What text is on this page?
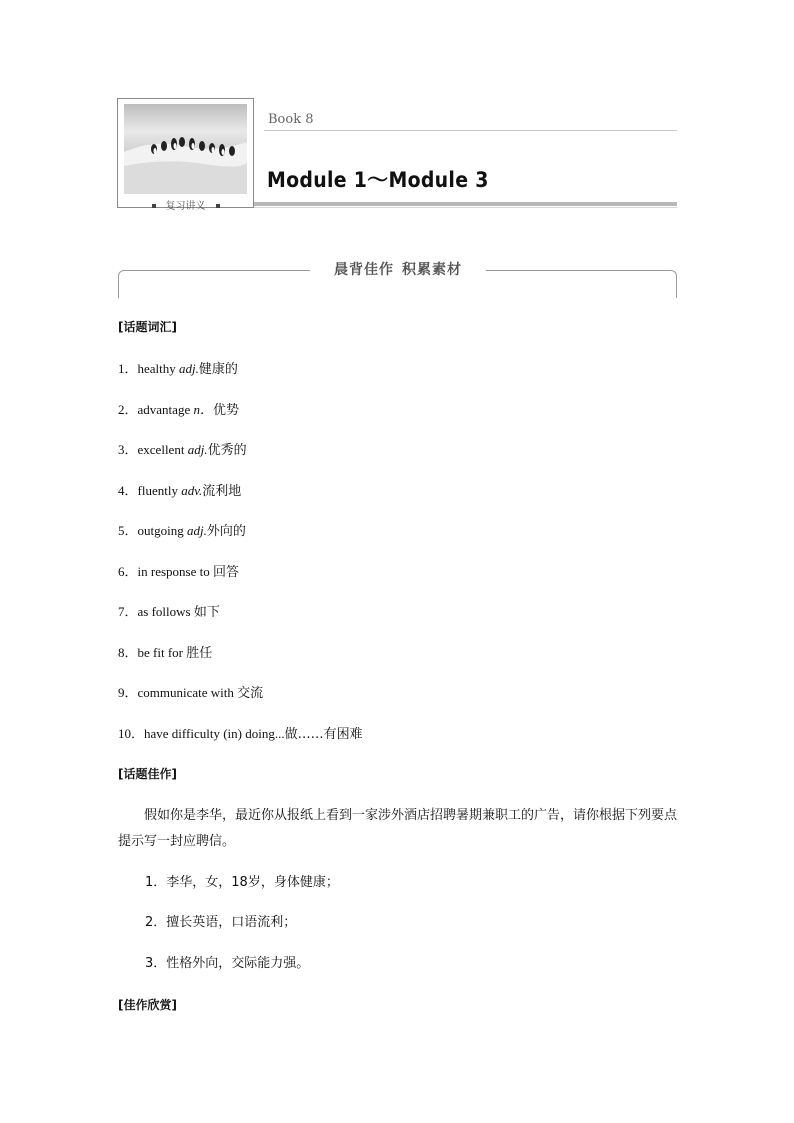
复习讲义
Book 8
Module 1～Module 3
晨背佳作 积累素材
[话题词汇]
1．healthy adj.健康的
2．advantage n．优势
3．excellent adj.优秀的
4．fluently adv.流利地
5．outgoing adj.外向的
6．in response to 回答
7．as follows 如下
8．be fit for 胜任
9．communicate with 交流
10．have difficulty (in) doing...做……有困难
[话题佳作]
假如你是李华，最近你从报纸上看到一家涉外酒店招聘暑期兼职工的广告，请你根据下列要点提示写一封应聘信。
1．李华，女，18岁，身体健康；
2．擅长英语，口语流利；
3．性格外向，交际能力强。
[佳作欣赏]
